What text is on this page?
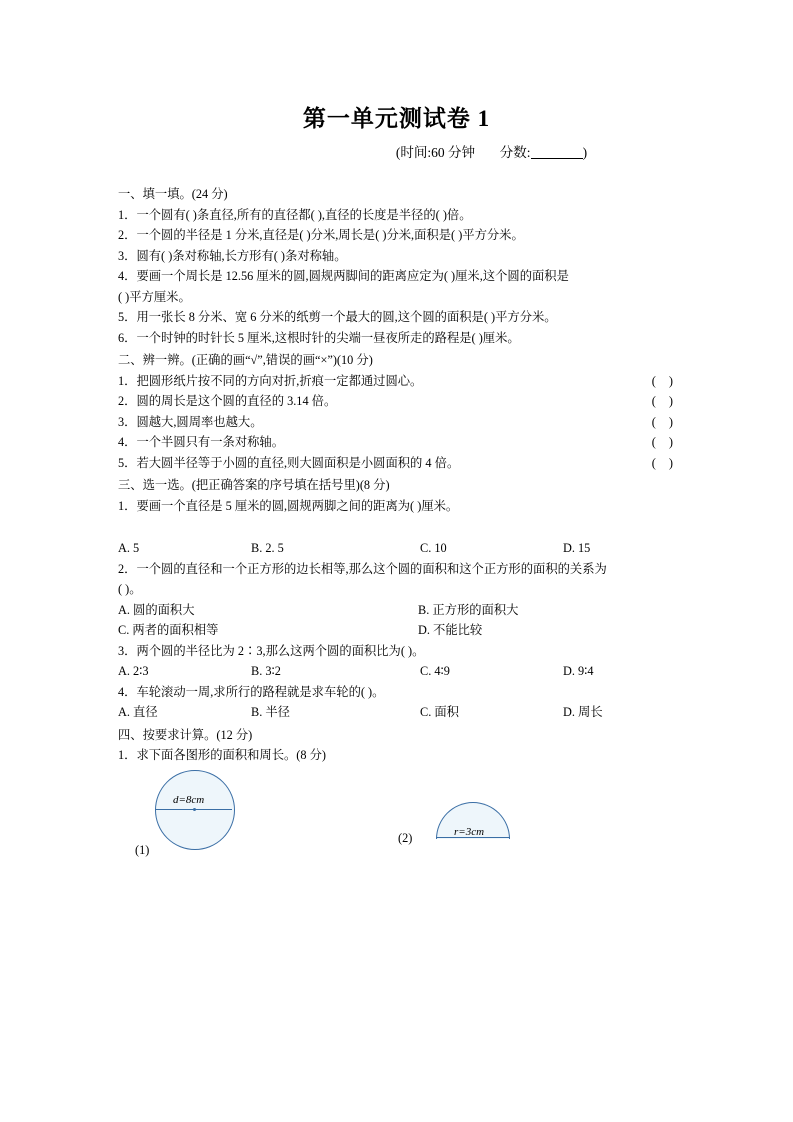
第一单元测试卷 1
(时间:60 分钟 分数:	)
一、填一填。(24 分)
1．一个圆有( )条直径,所有的直径都( ),直径的长度是半径的( )倍。
2．一个圆的半径是 1 分米,直径是( )分米,周长是( )分米,面积是( )平方分米。
3．圆有( )条对称轴,长方形有( )条对称轴。
4．要画一个周长是 12.56 厘米的圆,圆规两脚间的距离应定为( )厘米,这个圆的面积是
( )平方厘米。
5．用一张长 8 分米、宽 6 分米的纸剪一个最大的圆,这个圆的面积是( )平方分米。
6．一个时钟的时针长 5 厘米,这根时针的尖端一昼夜所走的路程是( )厘米。
二、辨一辨。(正确的画“√”,错误的画“×”)(10 分)
1．把圆形纸片按不同的方向对折,折痕一定都通过圆心。	( )
2．圆的周长是这个圆的直径的 3.14 倍。	( )
3．圆越大,圆周率也越大。	( )
4．一个半圆只有一条对称轴。	( )
5．若大圆半径等于小圆的直径,则大圆面积是小圆面积的 4 倍。	( )
三、选一选。(把正确答案的序号填在括号里)(8 分)
1．要画一个直径是 5 厘米的圆,圆规两脚之间的距离为( )厘米。
A. 5	B. 2. 5	C. 10	D. 15
2．一个圆的直径和一个正方形的边长相等,那么这个圆的面积和这个正方形的面积的关系为
( )。
A. 圆的面积大	B. 正方形的面积大
C. 两者的面积相等	D. 不能比较
3．两个圆的半径比为 2∶3,那么这两个圆的面积比为( )。
A. 2∶3	B. 3∶2	C. 4∶9	D. 9∶4
4．车轮滚动一周,求所行的路程就是求车轮的( )。
A. 直径	B. 半径	C. 面积	D. 周长
四、按要求计算。(12 分)
1．求下面各图形的面积和周长。(8 分)
d=8cm
(1)
r=3cm
(2)
